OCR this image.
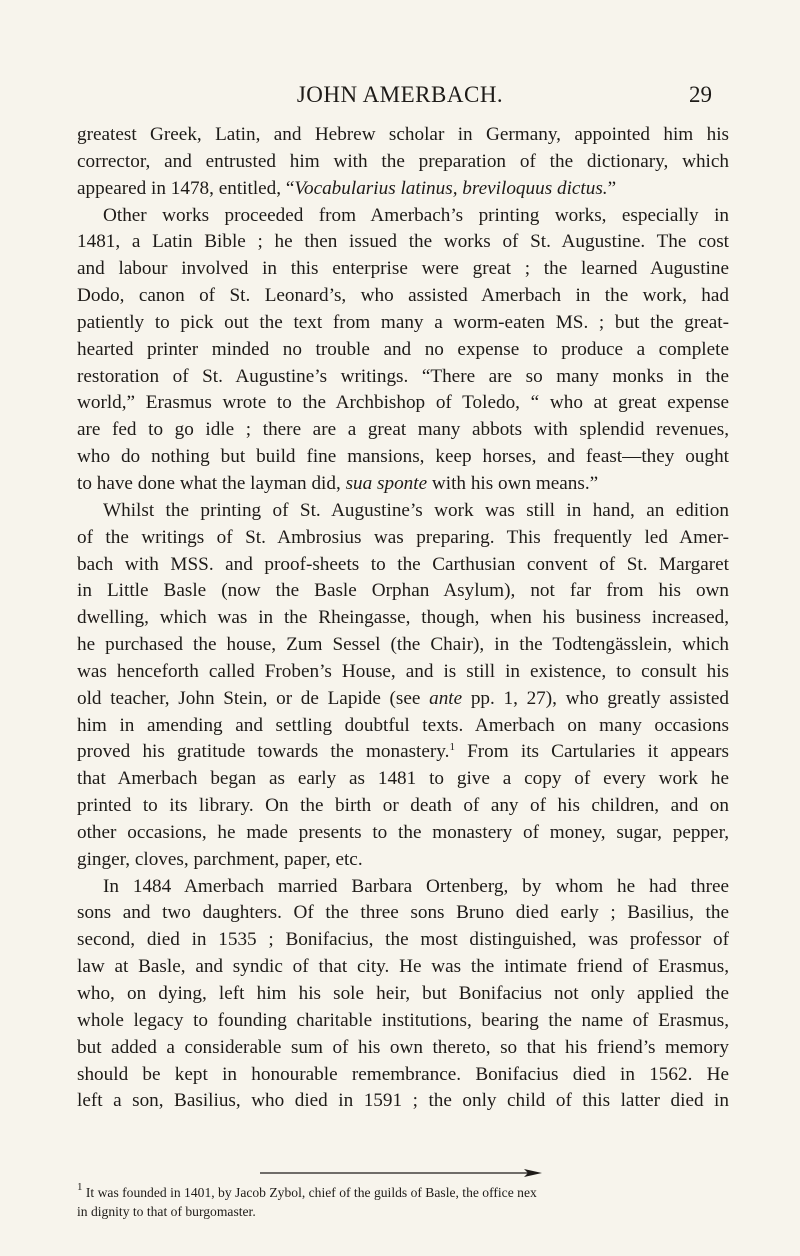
JOHN AMERBACH.	29
greatest Greek, Latin, and Hebrew scholar in Germany, appointed him his
corrector, and entrusted him with the preparation of the dictionary, which
appeared in 1478, entitled, “Vocabularius latinus, breviloquus dictus.”
Other works proceeded from Amerbach’s printing works, especially in
1481, a Latin Bible ; he then issued the works of St. Augustine. The cost
and labour involved in this enterprise were great ; the learned Augustine
Dodo, canon of St. Leonard’s, who assisted Amerbach in the work, had
patiently to pick out the text from many a worm-eaten MS. ; but the great-
hearted printer minded no trouble and no expense to produce a complete
restoration of St. Augustine’s writings. “There are so many monks in the
world,” Erasmus wrote to the Archbishop of Toledo, “ who at great expense
are fed to go idle ; there are a great many abbots with splendid revenues,
who do nothing but build fine mansions, keep horses, and feast—they ought
to have done what the layman did, sua sponte with his own means.”
Whilst the printing of St. Augustine’s work was still in hand, an edition
of the writings of St. Ambrosius was preparing. This frequently led Amer-
bach with MSS. and proof-sheets to the Carthusian convent of St. Margaret
in Little Basle (now the Basle Orphan Asylum), not far from his own
dwelling, which was in the Rheingasse, though, when his business increased,
he purchased the house, Zum Sessel (the Chair), in the Todtengässlein, which
was henceforth called Froben’s House, and is still in existence, to consult his
old teacher, John Stein, or de Lapide (see ante pp. 1, 27), who greatly assisted
him in amending and settling doubtful texts. Amerbach on many occasions
proved his gratitude towards the monastery.$^1$ From its Cartularies it appears
that Amerbach began as early as 1481 to give a copy of every work he
printed to its library. On the birth or death of any of his children, and on
other occasions, he made presents to the monastery of money, sugar, pepper,
ginger, cloves, parchment, paper, etc.
In 1484 Amerbach married Barbara Ortenberg, by whom he had three
sons and two daughters. Of the three sons Bruno died early ; Basilius, the
second, died in 1535 ; Bonifacius, the most distinguished, was professor of
law at Basle, and syndic of that city. He was the intimate friend of Erasmus,
who, on dying, left him his sole heir, but Bonifacius not only applied the
whole legacy to founding charitable institutions, bearing the name of Erasmus,
but added a considerable sum of his own thereto, so that his friend’s memory
should be kept in honourable remembrance. Bonifacius died in 1562. He
left a son, Basilius, who died in 1591 ; the only child of this latter died in
$^1$ It was founded in 1401, by Jacob Zybol, chief of the guilds of Basle, the office nex
in dignity to that of burgomaster.
